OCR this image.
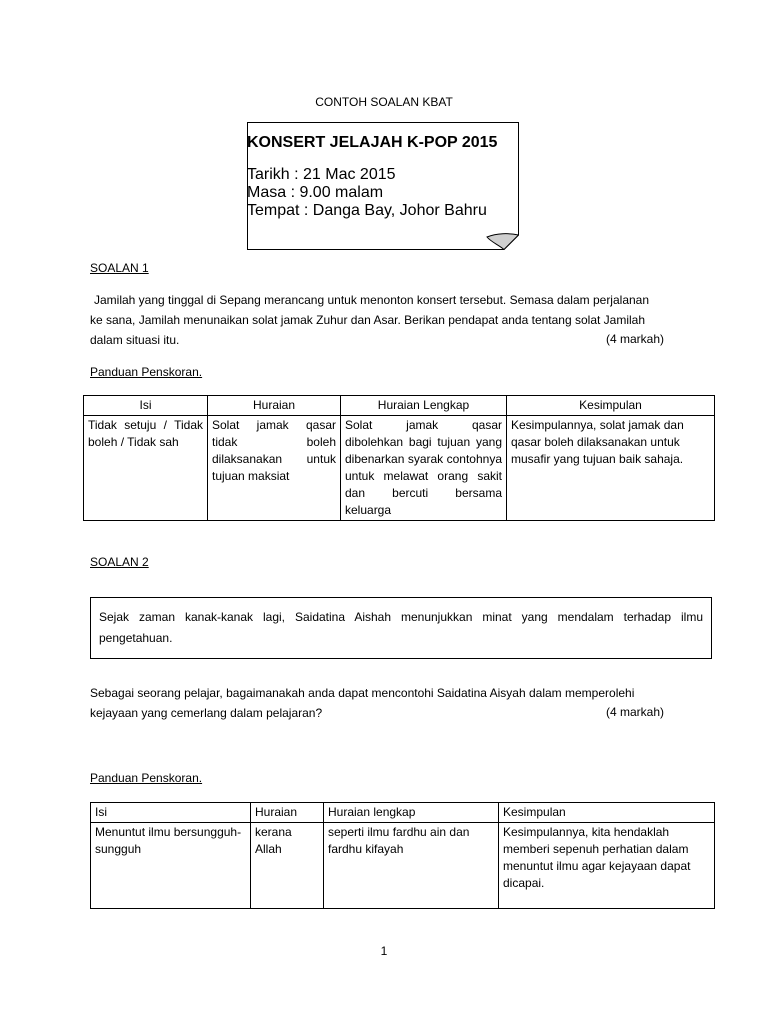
CONTOH SOALAN KBAT
KONSERT JELAJAH K-POP 2015
Tarikh : 21 Mac 2015
Masa : 9.00 malam
Tempat : Danga Bay, Johor Bahru
SOALAN 1
Jamilah yang tinggal di Sepang merancang untuk menonton konsert tersebut. Semasa dalam perjalanan
ke sana, Jamilah menunaikan solat jamak Zuhur dan Asar. Berikan pendapat anda tentang solat Jamilah
dalam situasi itu.	(4 markah)
Panduan Penskoran.
Isi	Huraian	Huraian Lengkap	Kesimpulan
Tidak setuju / Tidak boleh / Tidak sah	Solat jamak qasar tidak boleh dilaksanakan untuk tujuan maksiat	Solat jamak qasar dibolehkan bagi tujuan yang dibenarkan syarak contohnya untuk melawat orang sakit dan bercuti bersama keluarga	Kesimpulannya, solat jamak dan qasar boleh dilaksanakan untuk musafir yang tujuan baik sahaja.
SOALAN 2
Sejak zaman kanak-kanak lagi, Saidatina Aishah menunjukkan minat yang mendalam terhadap ilmu pengetahuan.
Sebagai seorang pelajar, bagaimanakah anda dapat mencontohi Saidatina Aisyah dalam memperolehi
kejayaan yang cemerlang dalam pelajaran?	(4 markah)
Panduan Penskoran.
Isi	Huraian	Huraian lengkap	Kesimpulan
Menuntut ilmu bersungguh-sungguh	kerana Allah	seperti ilmu fardhu ain dan fardhu kifayah	Kesimpulannya, kita hendaklah memberi sepenuh perhatian dalam menuntut ilmu agar kejayaan dapat dicapai.
1
